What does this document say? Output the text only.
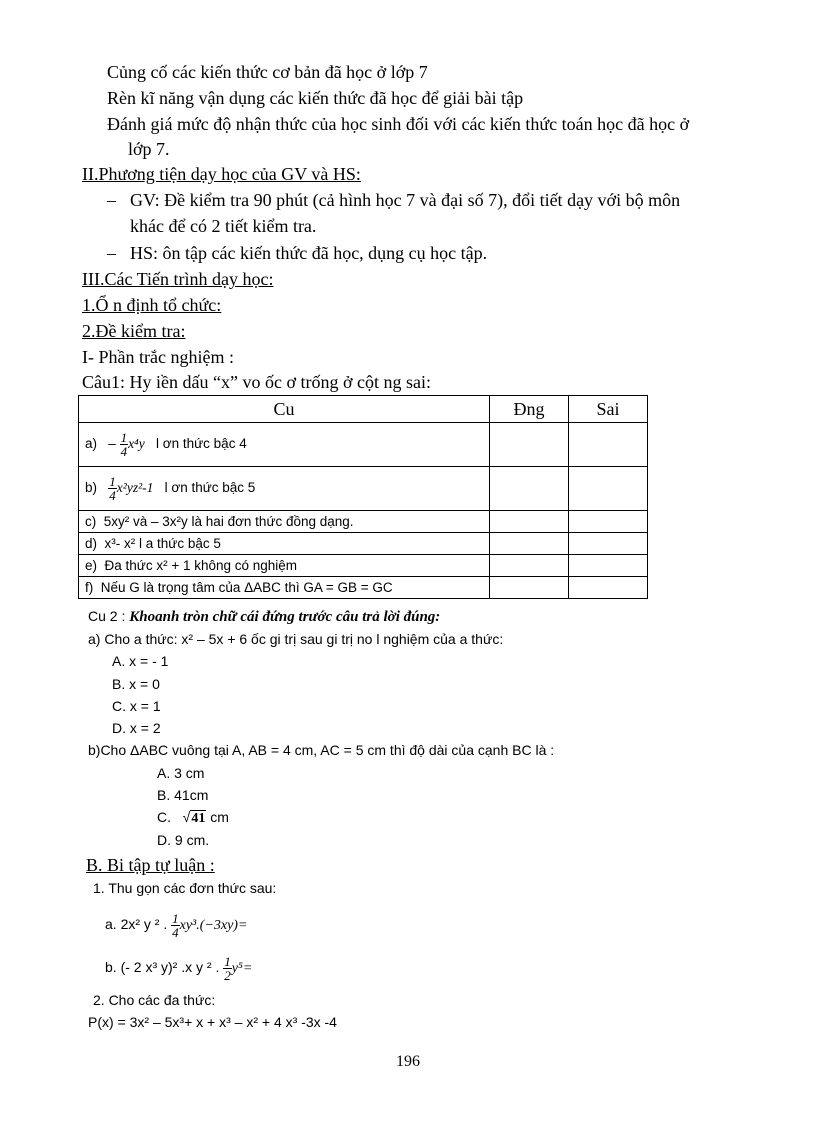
Củng cố các kiến thức cơ bản đã học ở lớp 7
Rèn kĩ năng vận dụng các kiến thức đã học để giải bài tập
Đánh giá mức độ nhận thức của học sinh đối với các kiến thức toán học đã học ở
lớp 7.
II.Phương tiện dạy học của GV và HS:
– GV: Đề kiểm tra 90 phút (cả hình học 7 và đại số 7), đổi tiết dạy với bộ môn
khác để có 2 tiết kiểm tra.
– HS: ôn tập các kiến thức đã học, dụng cụ học tập.
III.Các Tiến trình dạy học:
1.Ổ n định tổ chức:
2.Đề kiểm tra:
I- Phần trắc nghiệm :
Câu1: Hy iền dấu “x” vo ốc ơ trống ở cột ng sai:
Cu	Đng	Sai
$a) - \frac{1}{4} x^4y$ l ơn thức bậc 4		
$b) \frac{1}{4} x^2yz^2-1$ l ơn thức bậc 5		
c) 5xy² và – 3x²y là hai đơn thức đồng dạng.		
d) x³- x² l a thức bậc 5		
e) Đa thức x² + 1 không có nghiệm		
f) Nếu G là trọng tâm của ΔABC thì GA = GB = GC		
Cu 2 : Khoanh tròn chữ cái đứng trước câu trả lời đúng:
a) Cho a thức: x² – 5x + 6 ốc gi trị sau gi trị no l nghiệm của a thức:
A. x = - 1
B. x = 0
C. x = 1
D. x = 2
b)Cho ΔABC vuông tại A, AB = 4 cm, AC = 5 cm thì độ dài của cạnh BC là :
A. 3 cm
B. 41cm
C.   √41 cm
D. 9 cm.
B. Bi tập tự luận :
1. Thu gọn các đơn thức sau:
a. 2x² y ² . $\frac{1}{4} xy^3.(-3xy)=$
b. (- 2 x³ y)² .x y ² . $\frac{1}{2} y^5=$
2. Cho các đa thức:
P(x) = 3x² – 5x³+ x + x³ – x² + 4 x³ -3x -4
196
